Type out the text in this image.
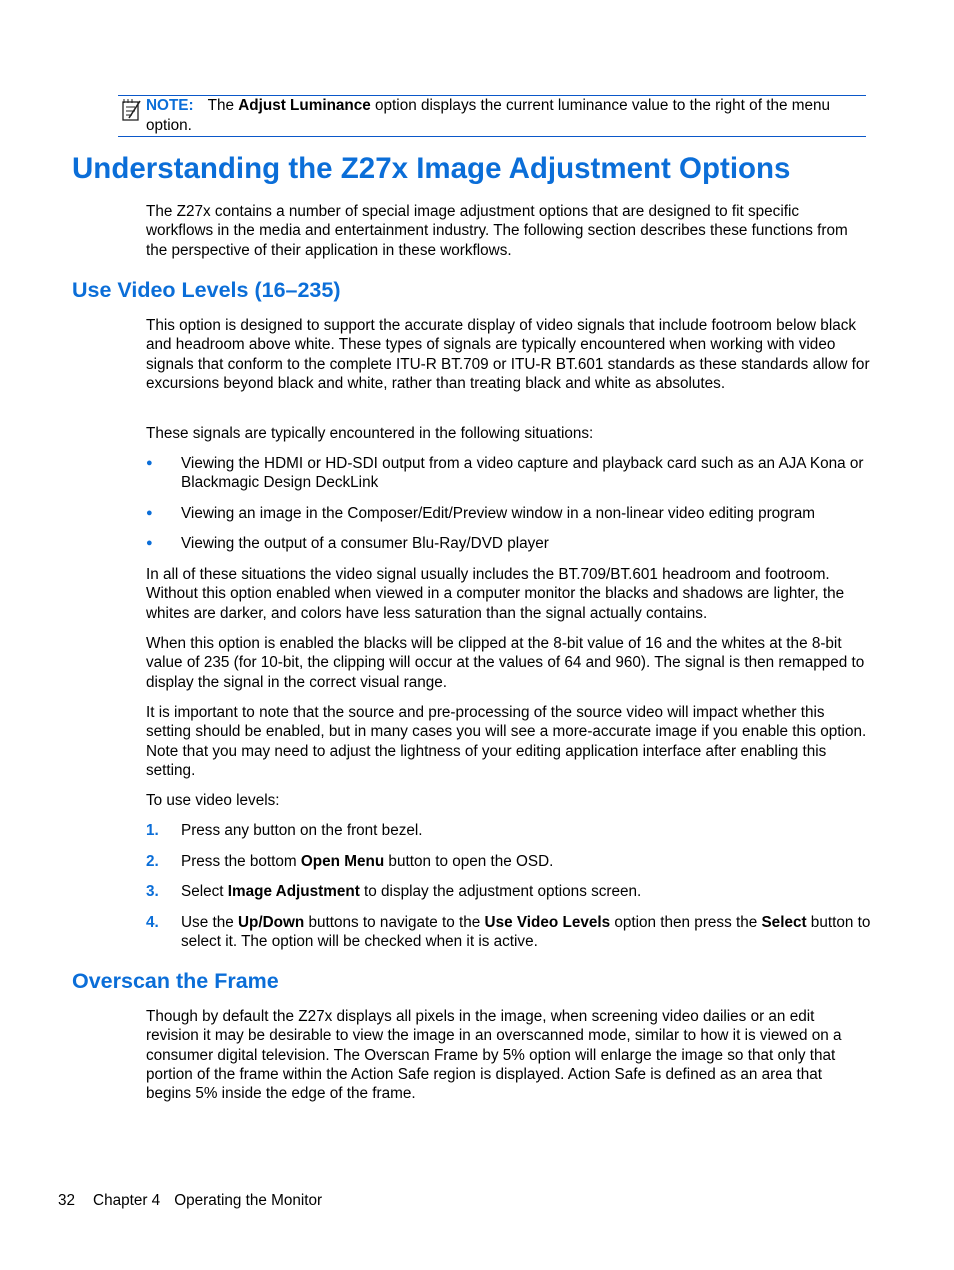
NOTE: The Adjust Luminance option displays the current luminance value to the right of the menu option.
Understanding the Z27x Image Adjustment Options

The Z27x contains a number of special image adjustment options that are designed to fit specific workflows in the media and entertainment industry. The following section describes these functions from the perspective of their application in these workflows.

Use Video Levels (16–235)

This option is designed to support the accurate display of video signals that include footroom below black and headroom above white. These types of signals are typically encountered when working with video signals that conform to the complete ITU-R BT.709 or ITU-R BT.601 standards as these standards allow for excursions beyond black and white, rather than treating black and white as absolutes.

These signals are typically encountered in the following situations:

● Viewing the HDMI or HD-SDI output from a video capture and playback card such as an AJA Kona or Blackmagic Design DeckLink
● Viewing an image in the Composer/Edit/Preview window in a non-linear video editing program
● Viewing the output of a consumer Blu-Ray/DVD player

In all of these situations the video signal usually includes the BT.709/BT.601 headroom and footroom. Without this option enabled when viewed in a computer monitor the blacks and shadows are lighter, the whites are darker, and colors have less saturation than the signal actually contains.

When this option is enabled the blacks will be clipped at the 8-bit value of 16 and the whites at the 8-bit value of 235 (for 10-bit, the clipping will occur at the values of 64 and 960). The signal is then remapped to display the signal in the correct visual range.

It is important to note that the source and pre-processing of the source video will impact whether this setting should be enabled, but in many cases you will see a more-accurate image if you enable this option. Note that you may need to adjust the lightness of your editing application interface after enabling this setting.

To use video levels:

1. Press any button on the front bezel.
2. Press the bottom Open Menu button to open the OSD.
3. Select Image Adjustment to display the adjustment options screen.
4. Use the Up/Down buttons to navigate to the Use Video Levels option then press the Select button to select it. The option will be checked when it is active.
Overscan the Frame

Though by default the Z27x displays all pixels in the image, when screening video dailies or an edit revision it may be desirable to view the image in an overscanned mode, similar to how it is viewed on a consumer digital television. The Overscan Frame by 5% option will enlarge the image so that only that portion of the frame within the Action Safe region is displayed. Action Safe is defined as an area that begins 5% inside the edge of the frame.

32 Chapter 4 Operating the Monitor
